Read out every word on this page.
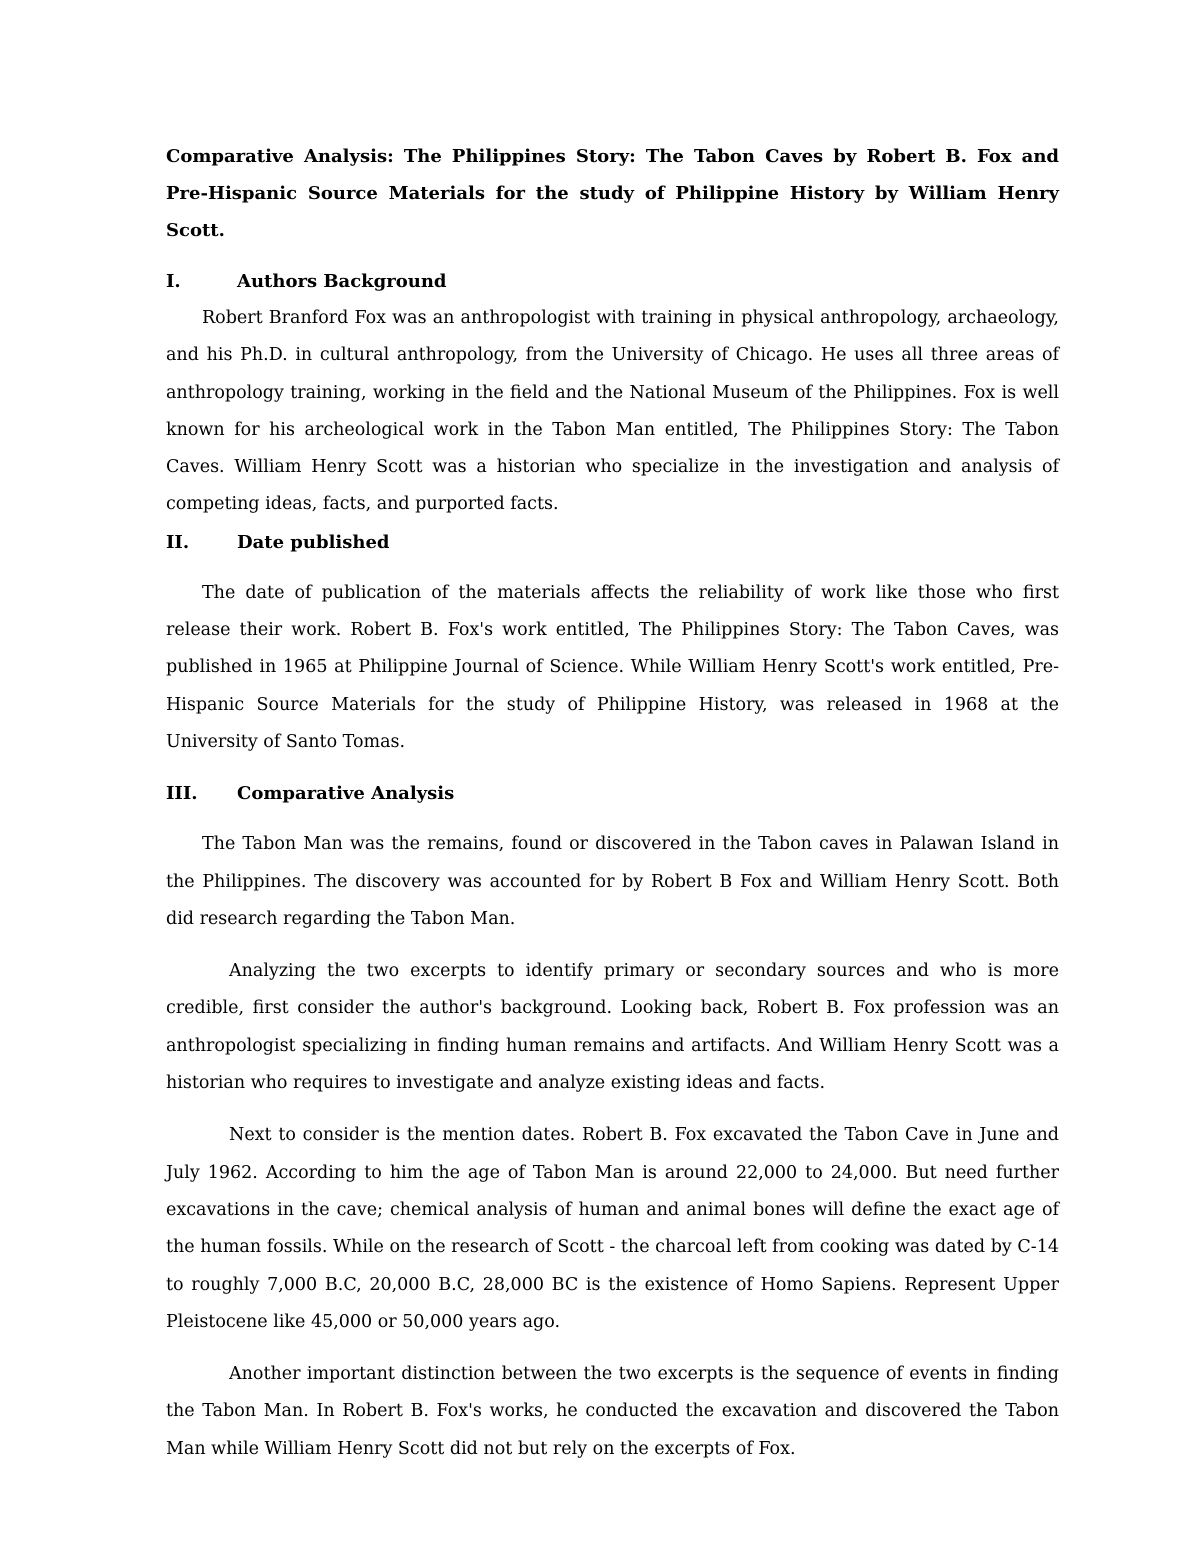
Comparative Analysis: The Philippines Story: The Tabon Caves by Robert B. Fox and Pre-Hispanic Source Materials for the study of Philippine History by William Henry Scott.

I.	Authors Background

Robert Branford Fox was an anthropologist with training in physical anthropology, archaeology, and his Ph.D. in cultural anthropology, from the University of Chicago. He uses all three areas of anthropology training, working in the field and the National Museum of the Philippines. Fox is well known for his archeological work in the Tabon Man entitled, The Philippines Story: The Tabon Caves. William Henry Scott was a historian who specialize in the investigation and analysis of competing ideas, facts, and purported facts.

II.	Date published

The date of publication of the materials affects the reliability of work like those who first release their work. Robert B. Fox's work entitled, The Philippines Story: The Tabon Caves, was published in 1965 at Philippine Journal of Science. While William Henry Scott's work entitled, Pre-Hispanic Source Materials for the study of Philippine History, was released in 1968 at the University of Santo Tomas.

III. Comparative Analysis

The Tabon Man was the remains, found or discovered in the Tabon caves in Palawan Island in the Philippines. The discovery was accounted for by Robert B Fox and William Henry Scott. Both did research regarding the Tabon Man.

Analyzing the two excerpts to identify primary or secondary sources and who is more credible, first consider the author's background. Looking back, Robert B. Fox profession was an anthropologist specializing in finding human remains and artifacts. And William Henry Scott was a historian who requires to investigate and analyze existing ideas and facts.

Next to consider is the mention dates. Robert B. Fox excavated the Tabon Cave in June and July 1962. According to him the age of Tabon Man is around 22,000 to 24,000. But need further excavations in the cave; chemical analysis of human and animal bones will define the exact age of the human fossils. While on the research of Scott - the charcoal left from cooking was dated by C-14 to roughly 7,000 B.C, 20,000 B.C, 28,000 BC is the existence of Homo Sapiens. Represent Upper Pleistocene like 45,000 or 50,000 years ago.

Another important distinction between the two excerpts is the sequence of events in finding the Tabon Man. In Robert B. Fox's works, he conducted the excavation and discovered the Tabon Man while William Henry Scott did not but rely on the excerpts of Fox.
